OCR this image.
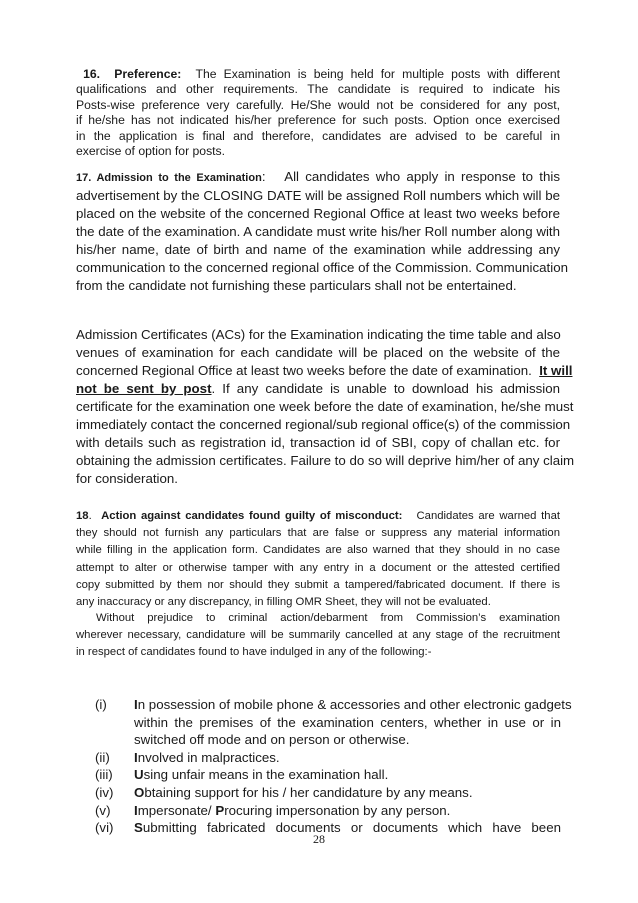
16. Preference: The Examination is being held for multiple posts with different
qualifications and other requirements. The candidate is required to indicate his
Posts-wise preference very carefully. He/She would not be considered for any post,
if he/she has not indicated his/her preference for such posts. Option once exercised
in the application is final and therefore, candidates are advised to be careful in
exercise of option for posts.
17. Admission to the Examination: All candidates who apply in response to this
advertisement by the CLOSING DATE will be assigned Roll numbers which will be
placed on the website of the concerned Regional Office at least two weeks before
the date of the examination. A candidate must write his/her Roll number along with
his/her name, date of birth and name of the examination while addressing any
communication to the concerned regional office of the Commission. Communication
from the candidate not furnishing these particulars shall not be entertained.
Admission Certificates (ACs) for the Examination indicating the time table and also
venues of examination for each candidate will be placed on the website of the
concerned Regional Office at least two weeks before the date of examination. It will
not be sent by post. If any candidate is unable to download his admission
certificate for the examination one week before the date of examination, he/she must
immediately contact the concerned regional/sub regional office(s) of the commission
with details such as registration id, transaction id of SBI, copy of challan etc. for
obtaining the admission certificates. Failure to do so will deprive him/her of any claim
for consideration.
18. Action against candidates found guilty of misconduct: Candidates are warned that
they should not furnish any particulars that are false or suppress any material information
while filling in the application form. Candidates are also warned that they should in no case
attempt to alter or otherwise tamper with any entry in a document or the attested certified
copy submitted by them nor should they submit a tampered/fabricated document. If there is
any inaccuracy or any discrepancy, in filling OMR Sheet, they will not be evaluated.
Without prejudice to criminal action/debarment from Commission’s examination
wherever necessary, candidature will be summarily cancelled at any stage of the recruitment
in respect of candidates found to have indulged in any of the following:-
(i) In possession of mobile phone & accessories and other electronic gadgets
within the premises of the examination centers, whether in use or in
switched off mode and on person or otherwise.
(ii) Involved in malpractices.
(iii) Using unfair means in the examination hall.
(iv) Obtaining support for his / her candidature by any means.
(v) Impersonate/ Procuring impersonation by any person.
(vi) Submitting fabricated documents or documents which have been
28
